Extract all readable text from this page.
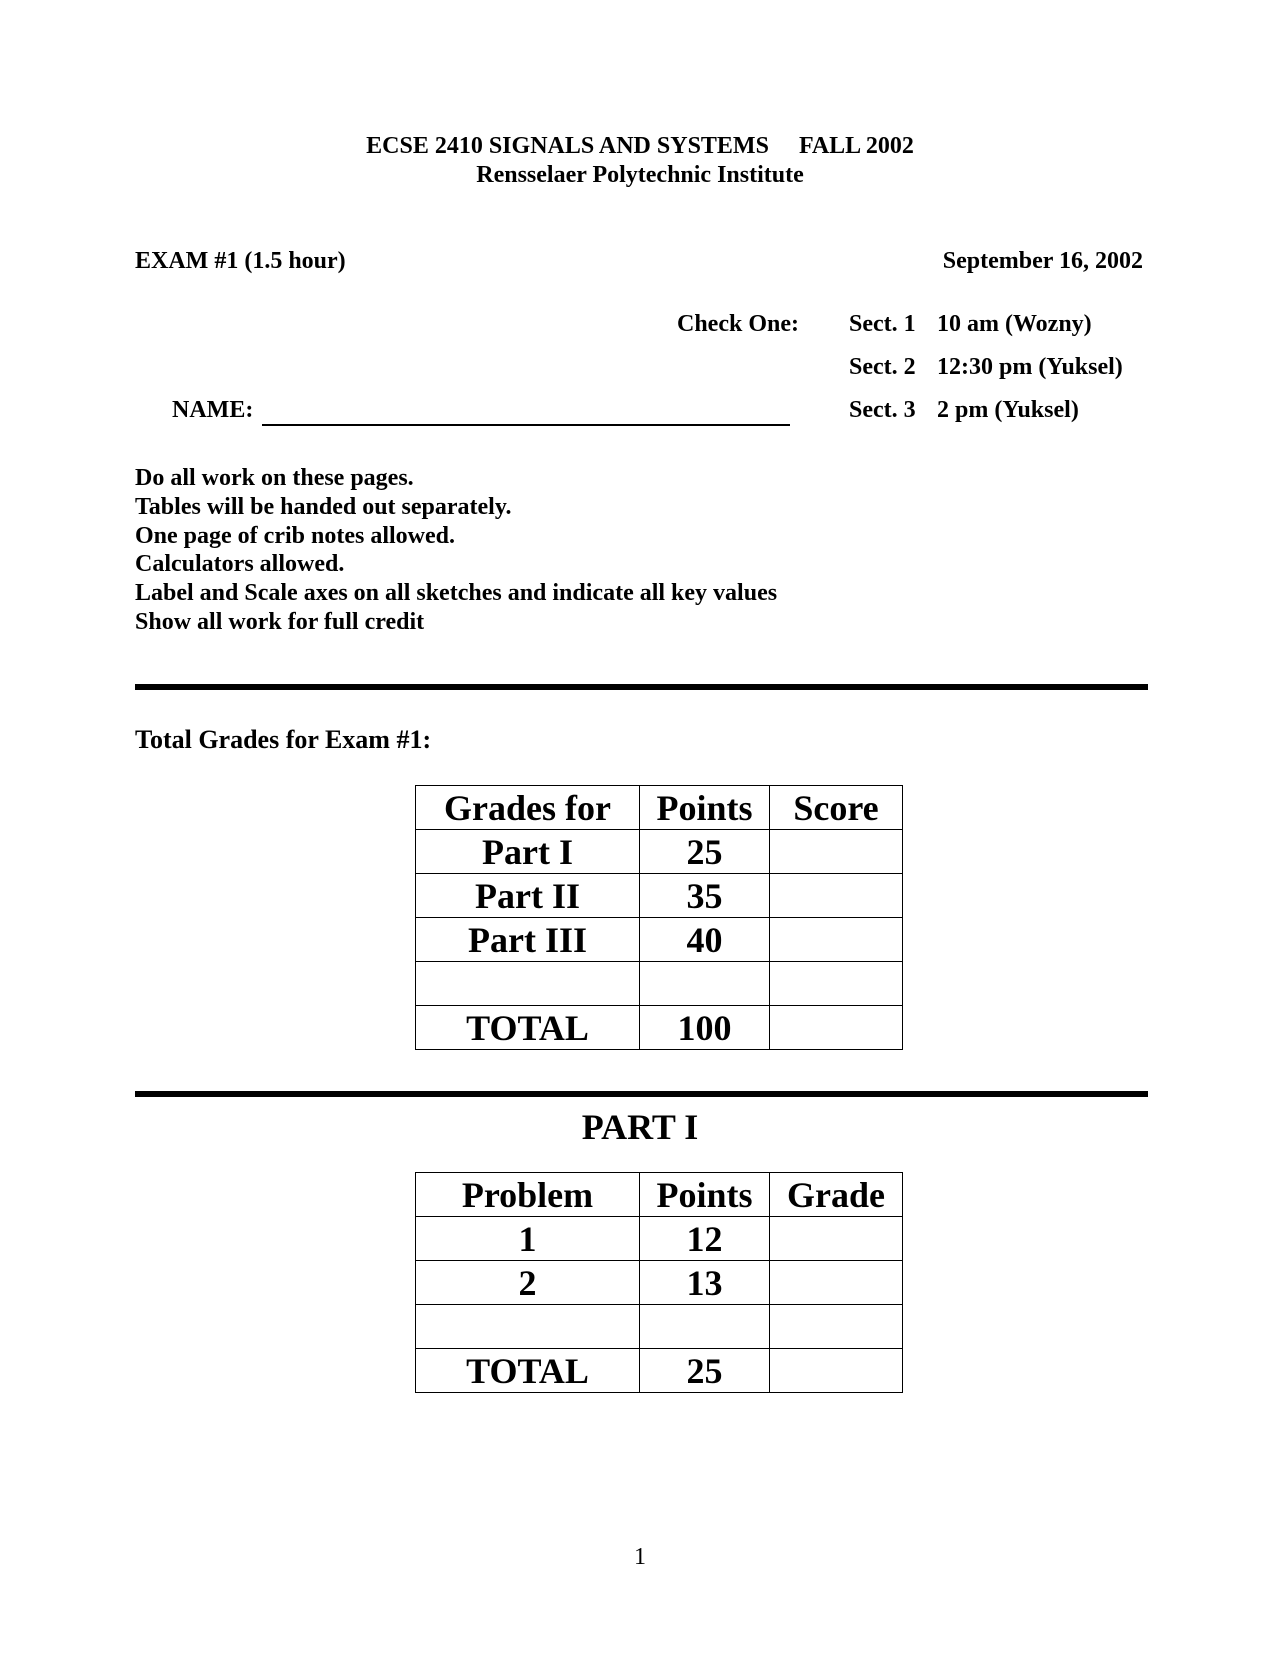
ECSE 2410 SIGNALS AND SYSTEMS FALL 2002
Rensselaer Polytechnic Institute
EXAM #1 (1.5 hour)	September 16, 2002
Check One: Sect. 1 10 am (Wozny)
Sect. 2 12:30 pm (Yuksel)
Sect. 3 2 pm (Yuksel)
NAME:
Do all work on these pages.
Tables will be handed out separately.
One page of crib notes allowed.
Calculators allowed.
Label and Scale axes on all sketches and indicate all key values
Show all work for full credit
Total Grades for Exam #1:
Grades for	Points	Score
Part I	25	
Part II	35	
Part III	40	

TOTAL	100	
PART I
Problem	Points	Grade
1	12	
2	13	

TOTAL	25	
1
